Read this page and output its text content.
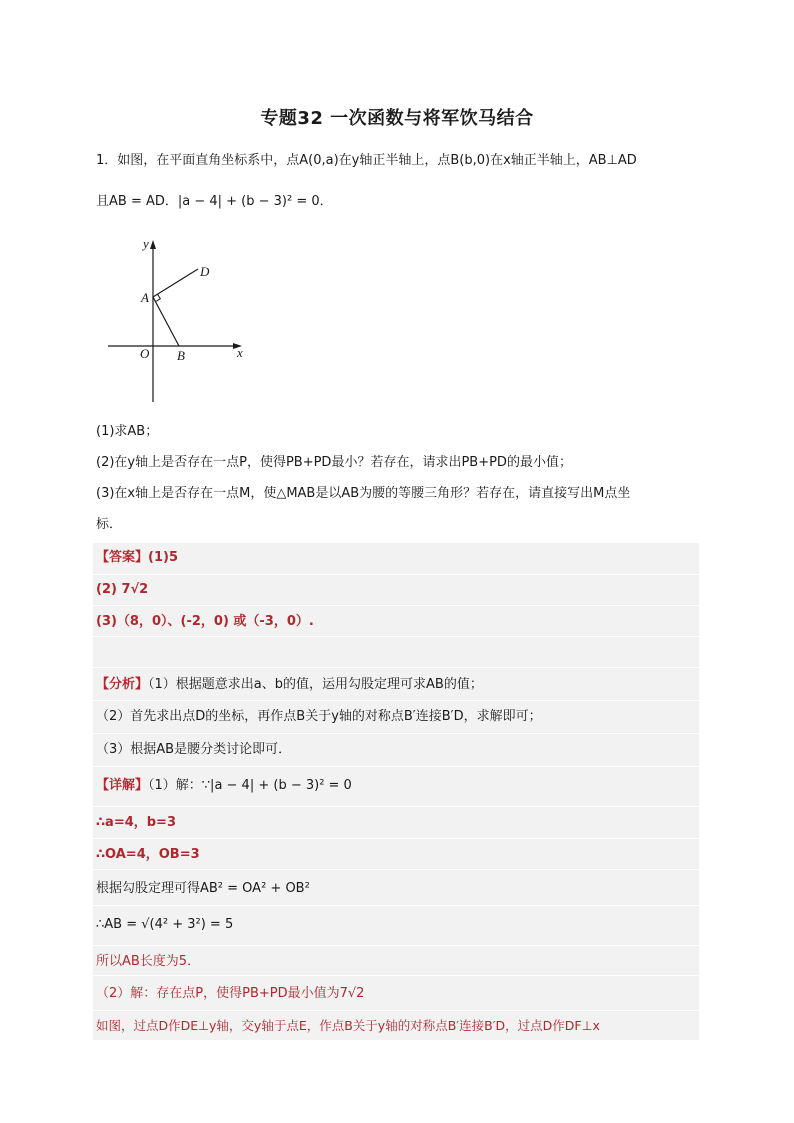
专题32 一次函数与将军饮马结合
1．如图，在平面直角坐标系中，点A(0,a)在y轴正半轴上，点B(b,0)在x轴正半轴上，AB⊥AD
且AB = AD．|a − 4| + (b − 3)² = 0．
y
x
O
A
B
D
(1)求AB；
(2)在y轴上是否存在一点P，使得PB+PD最小？若存在，请求出PB+PD的最小值；
(3)在x轴上是否存在一点M，使△MAB是以AB为腰的等腰三角形？若存在，请直接写出M点坐
标．
【答案】(1)5
(2) 7√2
(3)（8，0）、(-2，0) 或（-3，0）.
【分析】（1）根据题意求出a、b的值，运用勾股定理可求AB的值；
（2）首先求出点D的坐标，再作点B关于y轴的对称点B′连接B′D，求解即可；
（3）根据AB是腰分类讨论即可．
【详解】（1）解：∵|a − 4| + (b − 3)² = 0
∴a=4，b=3
∴OA=4，OB=3
根据勾股定理可得AB² = OA² + OB²
∴AB = √(4² + 3²) = 5
所以AB长度为5．
（2）解：存在点P，使得PB+PD最小值为7√2
如图，过点D作DE⊥y轴，交y轴于点E，作点B关于y轴的对称点B′连接B′D，过点D作DF⊥x
